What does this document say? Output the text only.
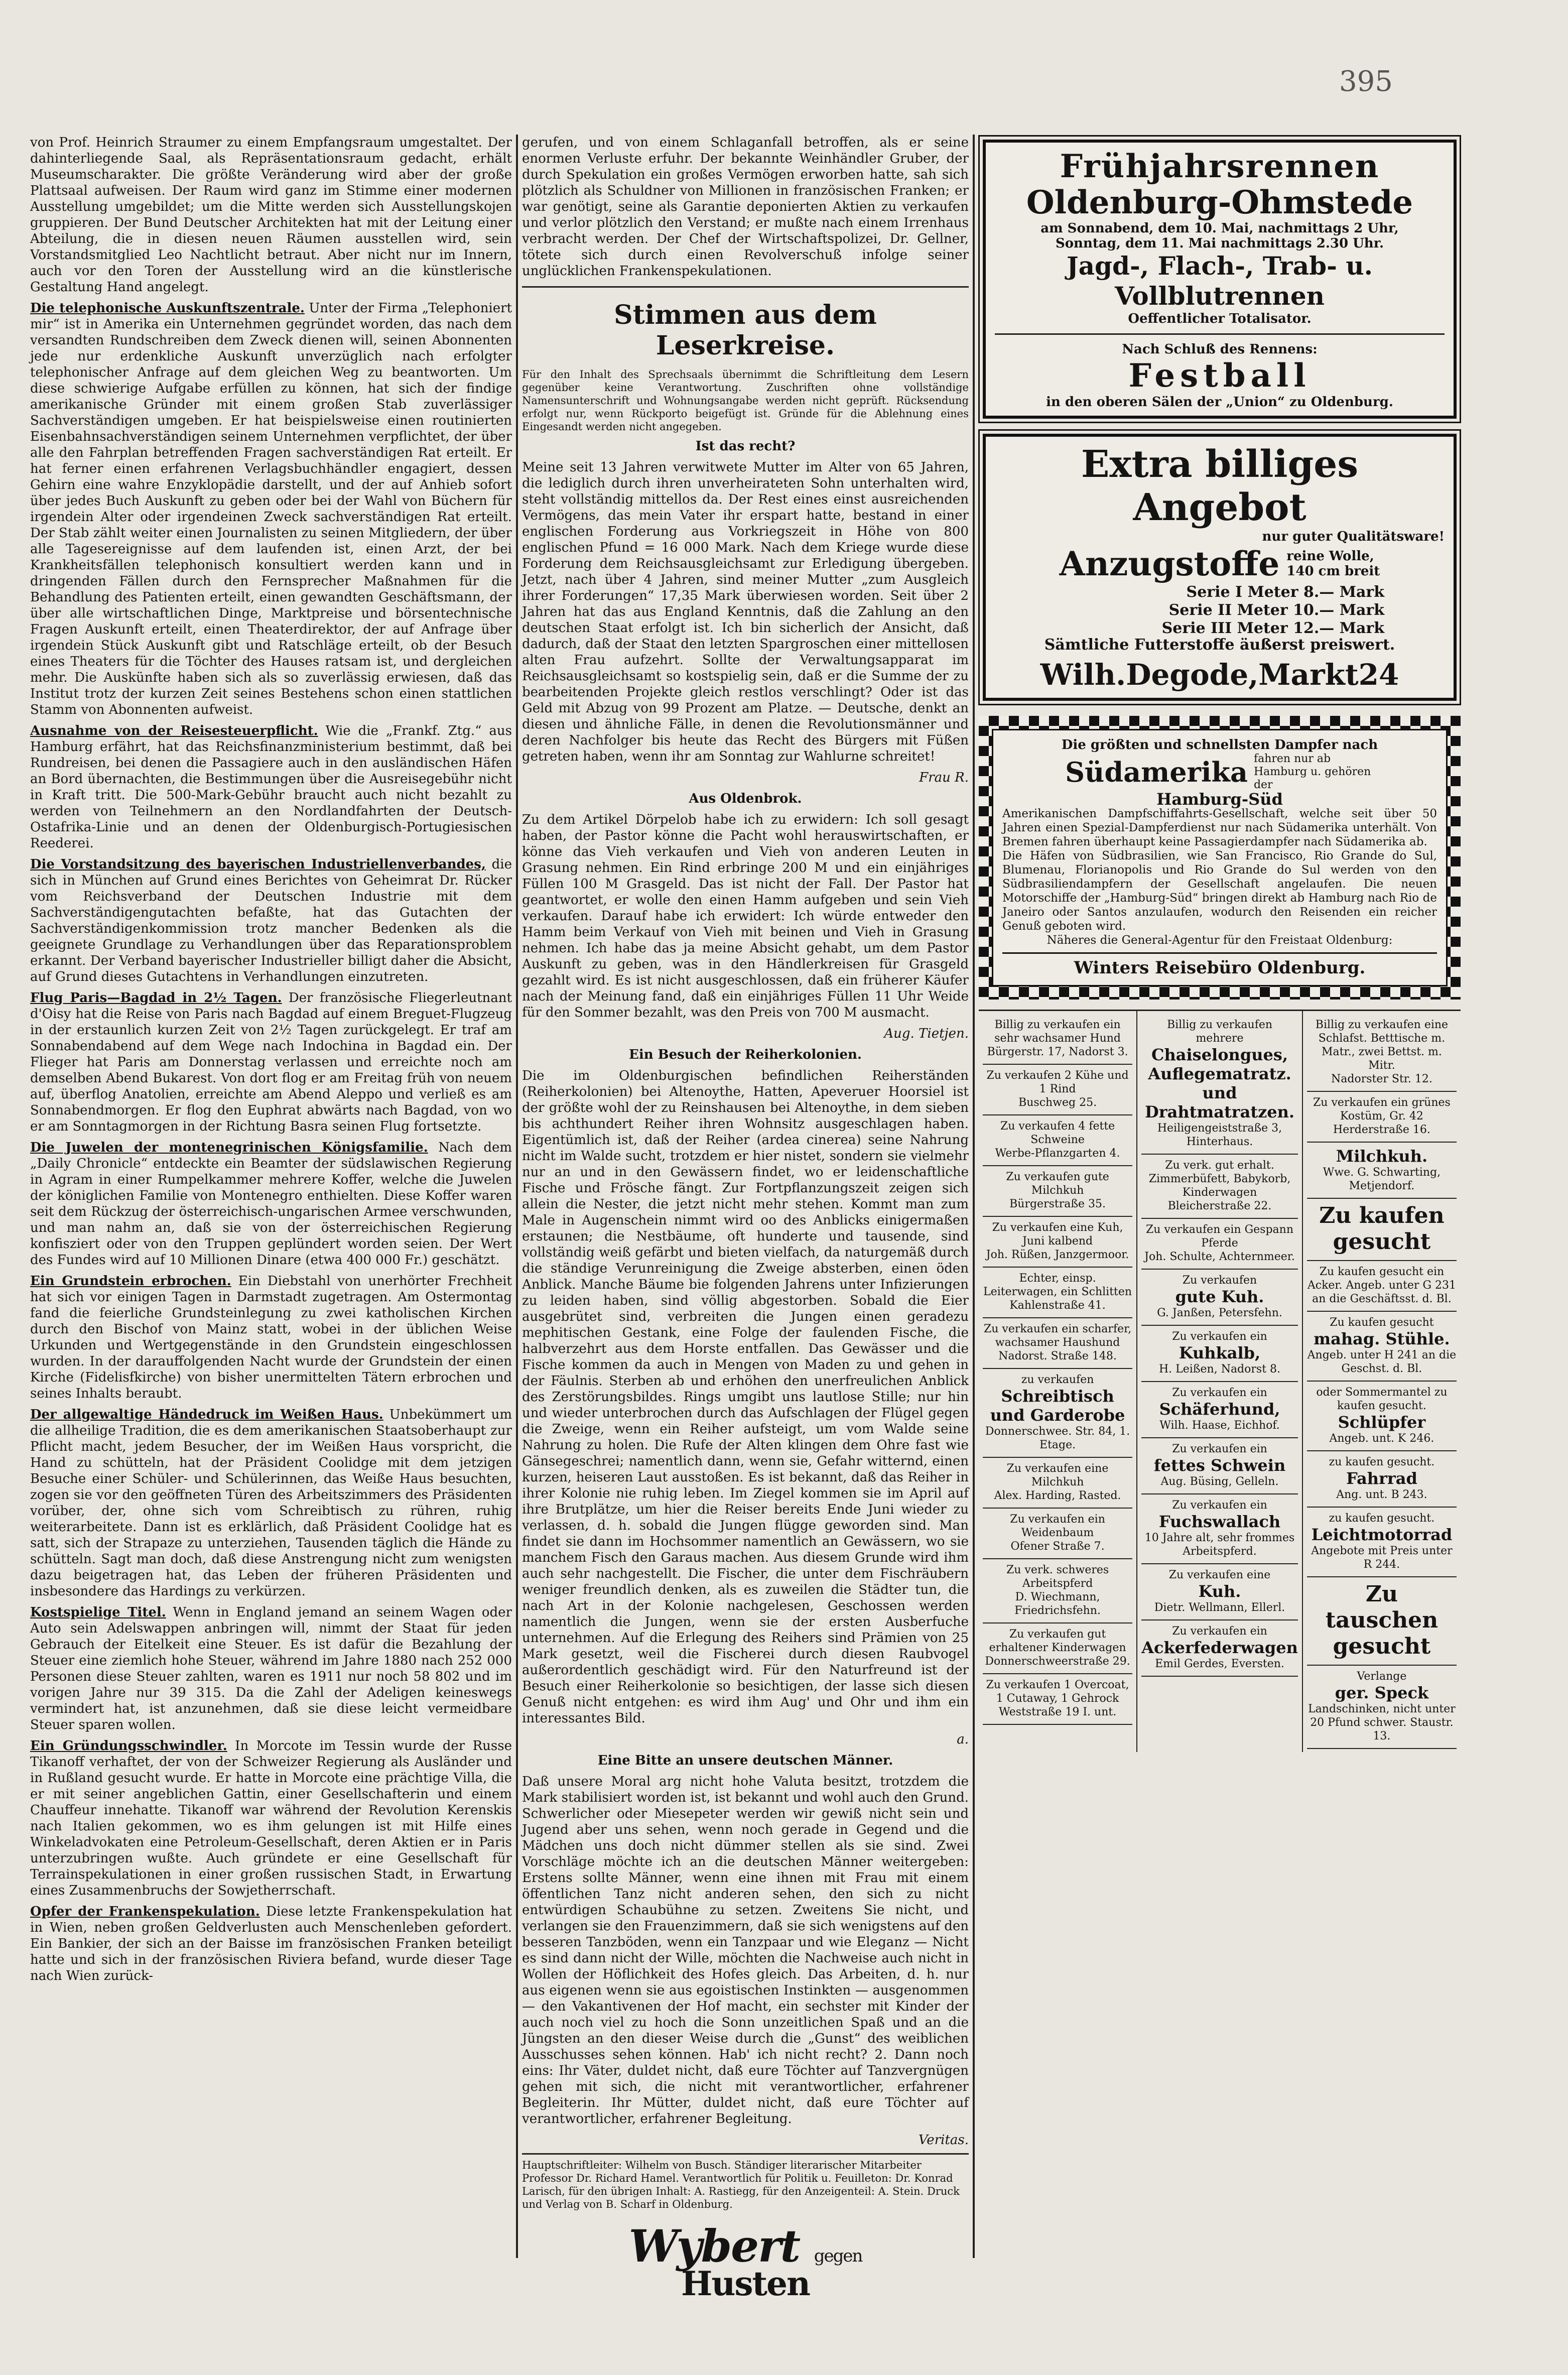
395

von Prof. Heinrich Straumer zu einem Empfangsraum umgestaltet. Der dahinterliegende Saal, als Repräsentationsraum gedacht, erhält Museumscharakter. Die größte Veränderung wird aber der große Plattsaal aufweisen. Der Raum wird ganz im Stimme einer modernen Ausstellung umgebildet; um die Mitte werden sich Ausstellungskojen gruppieren. Der Bund Deutscher Architekten hat mit der Leitung einer Abteilung, die in diesen neuen Räumen ausstellen wird, sein Vorstandsmitglied Leo Nachtlicht betraut. Aber nicht nur im Innern, auch vor den Toren der Ausstellung wird an die künstlerische Gestaltung Hand angelegt.

Die telephonische Auskunftszentrale. Unter der Firma „Telephoniert mir“ ist in Amerika ein Unternehmen gegründet worden, das nach dem versandten Rundschreiben dem Zweck dienen will, seinen Abonnenten jede nur erdenkliche Auskunft unverzüglich nach erfolgter telephonischer Anfrage auf dem gleichen Weg zu beantworten. Um diese schwierige Aufgabe erfüllen zu können, hat sich der findige amerikanische Gründer mit einem großen Stab zuverlässiger Sachverständigen umgeben. Er hat beispielsweise einen routinierten Eisenbahnsachverständigen seinem Unternehmen verpflichtet, der über alle den Fahrplan betreffenden Fragen sachverständigen Rat erteilt. Er hat ferner einen erfahrenen Verlagsbuchhändler engagiert, dessen Gehirn eine wahre Enzyklopädie darstellt, und der auf Anhieb sofort über jedes Buch Auskunft zu geben oder bei der Wahl von Büchern für irgendein Alter oder irgendeinen Zweck sachverständigen Rat erteilt. Der Stab zählt weiter einen Journalisten zu seinen Mitgliedern, der über alle Tagesereignisse auf dem laufenden ist, einen Arzt, der bei Krankheitsfällen telephonisch konsultiert werden kann und in dringenden Fällen durch den Fernsprecher Maßnahmen für die Behandlung des Patienten erteilt, einen gewandten Geschäftsmann, der über alle wirtschaftlichen Dinge, Marktpreise und börsentechnische Fragen Auskunft erteilt, einen Theaterdirektor, der auf Anfrage über irgendein Stück Auskunft gibt und Ratschläge erteilt, ob der Besuch eines Theaters für die Töchter des Hauses ratsam ist, und dergleichen mehr. Die Auskünfte haben sich als so zuverlässig erwiesen, daß das Institut trotz der kurzen Zeit seines Bestehens schon einen stattlichen Stamm von Abonnenten aufweist.

Ausnahme von der Reisesteuerpflicht. Wie die „Frankf. Ztg.“ aus Hamburg erfährt, hat das Reichsfinanzministerium bestimmt, daß bei Rundreisen, bei denen die Passagiere auch in den ausländischen Häfen an Bord übernachten, die Bestimmungen über die Ausreisegebühr nicht in Kraft tritt. Die 500-Mark-Gebühr braucht auch nicht bezahlt zu werden von Teilnehmern an den Nordlandfahrten der Deutsch-Ostafrika-Linie und an denen der Oldenburgisch-Portugiesischen Reederei.

Die Vorstandsitzung des bayerischen Industriellenverbandes, die sich in München auf Grund eines Berichtes von Geheimrat Dr. Rücker vom Reichsverband der Deutschen Industrie mit dem Sachverständigengutachten befaßte, hat das Gutachten der Sachverständigenkommission trotz mancher Bedenken als die geeignete Grundlage zu Verhandlungen über das Reparationsproblem erkannt. Der Verband bayerischer Industrieller billigt daher die Absicht, auf Grund dieses Gutachtens in Verhandlungen einzutreten.

Flug Paris—Bagdad in 2½ Tagen. Der französische Fliegerleutnant d'Oisy hat die Reise von Paris nach Bagdad auf einem Breguet-Flugzeug in der erstaunlich kurzen Zeit von 2½ Tagen zurückgelegt. Er traf am Sonnabendabend auf dem Wege nach Indochina in Bagdad ein. Der Flieger hat Paris am Donnerstag verlassen und erreichte noch am demselben Abend Bukarest. Von dort flog er am Freitag früh von neuem auf, überflog Anatolien, erreichte am Abend Aleppo und verließ es am Sonnabendmorgen. Er flog den Euphrat abwärts nach Bagdad, von wo er am Sonntagmorgen in der Richtung Basra seinen Flug fortsetzte.

Die Juwelen der montenegrinischen Königsfamilie. Nach dem „Daily Chronicle“ entdeckte ein Beamter der südslawischen Regierung in Agram in einer Rumpelkammer mehrere Koffer, welche die Juwelen der königlichen Familie von Montenegro enthielten. Diese Koffer waren seit dem Rückzug der österreichisch-ungarischen Armee verschwunden, und man nahm an, daß sie von der österreichischen Regierung konfisziert oder von den Truppen geplündert worden seien. Der Wert des Fundes wird auf 10 Millionen Dinare (etwa 400 000 Fr.) geschätzt.

Ein Grundstein erbrochen. Ein Diebstahl von unerhörter Frechheit hat sich vor einigen Tagen in Darmstadt zugetragen. Am Ostermontag fand die feierliche Grundsteinlegung zu zwei katholischen Kirchen durch den Bischof von Mainz statt, wobei in der üblichen Weise Urkunden und Wertgegenstände in den Grundstein eingeschlossen wurden. In der darauffolgenden Nacht wurde der Grundstein der einen Kirche (Fidelisfkirche) von bisher unermittelten Tätern erbrochen und seines Inhalts beraubt.

Der allgewaltige Händedruck im Weißen Haus. Unbekümmert um die allheilige Tradition, die es dem amerikanischen Staatsoberhaupt zur Pflicht macht, jedem Besucher, der im Weißen Haus vorspricht, die Hand zu schütteln, hat der Präsident Coolidge mit dem jetzigen Besuche einer Schüler- und Schülerinnen, das Weiße Haus besuchten, zogen sie vor den geöffneten Türen des Arbeitszimmers des Präsidenten vorüber, der, ohne sich vom Schreibtisch zu rühren, ruhig weiterarbeitete. Dann ist es erklärlich, daß Präsident Coolidge hat es satt, sich der Strapaze zu unterziehen, Tausenden täglich die Hände zu schütteln. Sagt man doch, daß diese Anstrengung nicht zum wenigsten dazu beigetragen hat, das Leben der früheren Präsidenten und insbesondere das Hardings zu verkürzen.

Kostspielige Titel. Wenn in England jemand an seinem Wagen oder Auto sein Adelswappen anbringen will, nimmt der Staat für jeden Gebrauch der Eitelkeit eine Steuer. Es ist dafür die Bezahlung der Steuer eine ziemlich hohe Steuer, während im Jahre 1880 nach 252 000 Personen diese Steuer zahlten, waren es 1911 nur noch 58 802 und im vorigen Jahre nur 39 315. Da die Zahl der Adeligen keineswegs vermindert hat, ist anzunehmen, daß sie diese leicht vermeidbare Steuer sparen wollen.

Ein Gründungsschwindler. In Morcote im Tessin wurde der Russe Tikanoff verhaftet, der von der Schweizer Regierung als Ausländer und in Rußland gesucht wurde. Er hatte in Morcote eine prächtige Villa, die er mit seiner angeblichen Gattin, einer Gesellschafterin und einem Chauffeur innehatte. Tikanoff war während der Revolution Kerenskis nach Italien gekommen, wo es ihm gelungen ist mit Hilfe eines Winkeladvokaten eine Petroleum-Gesellschaft, deren Aktien er in Paris unterzubringen wußte. Auch gründete er eine Gesellschaft für Terrainspekulationen in einer großen russischen Stadt, in Erwartung eines Zusammenbruchs der Sowjetherrschaft.

Opfer der Frankenspekulation. Diese letzte Frankenspekulation hat in Wien, neben großen Geldverlusten auch Menschenleben gefordert. Ein Bankier, der sich an der Baisse im französischen Franken beteiligt hatte und sich in der französischen Riviera befand, wurde dieser Tage nach Wien zurück-

gerufen, und von einem Schlaganfall betroffen, als er seine enormen Verluste erfuhr. Der bekannte Weinhändler Gruber, der durch Spekulation ein großes Vermögen erworben hatte, sah sich plötzlich als Schuldner von Millionen in französischen Franken; er war genötigt, seine als Garantie deponierten Aktien zu verkaufen und verlor plötzlich den Verstand; er mußte nach einem Irrenhaus verbracht werden. Der Chef der Wirtschaftspolizei, Dr. Gellner, tötete sich durch einen Revolverschuß infolge seiner unglücklichen Frankenspekulationen.

Stimmen aus dem Leserkreise.

Für den Inhalt des Sprechsaals übernimmt die Schriftleitung dem Lesern gegenüber keine Verantwortung. Zuschriften ohne vollständige Namensunterschrift und Wohnungsangabe werden nicht geprüft. Rücksendung erfolgt nur, wenn Rückporto beigefügt ist. Gründe für die Ablehnung eines Eingesandt werden nicht angegeben.

Ist das recht?

Meine seit 13 Jahren verwitwete Mutter im Alter von 65 Jahren, die lediglich durch ihren unverheirateten Sohn unterhalten wird, steht vollständig mittellos da. Der Rest eines einst ausreichenden Vermögens, das mein Vater ihr erspart hatte, bestand in einer englischen Forderung aus Vorkriegszeit in Höhe von 800 englischen Pfund = 16 000 Mark. Nach dem Kriege wurde diese Forderung dem Reichsausgleichsamt zur Erledigung übergeben. Jetzt, nach über 4 Jahren, sind meiner Mutter „zum Ausgleich ihrer Forderungen“ 17,35 Mark überwiesen worden. Seit über 2 Jahren hat das aus England Kenntnis, daß die Zahlung an den deutschen Staat erfolgt ist. Ich bin sicherlich der Ansicht, daß dadurch, daß der Staat den letzten Spargroschen einer mittellosen alten Frau aufzehrt. Sollte der Verwaltungsapparat im Reichsausgleichsamt so kostspielig sein, daß er die Summe der zu bearbeitenden Projekte gleich restlos verschlingt? Oder ist das Geld mit Abzug von 99 Prozent am Platze. — Deutsche, denkt an diesen und ähnliche Fälle, in denen die Revolutionsmänner und deren Nachfolger bis heute das Recht des Bürgers mit Füßen getreten haben, wenn ihr am Sonntag zur Wahlurne schreitet!

Frau R.

Aus Oldenbrok.

Zu dem Artikel Dörpelob habe ich zu erwidern: Ich soll gesagt haben, der Pastor könne die Pacht wohl herauswirtschaften, er könne das Vieh verkaufen und Vieh von anderen Leuten in Grasung nehmen. Ein Rind erbringe 200 M und ein einjähriges Füllen 100 M Grasgeld. Das ist nicht der Fall. Der Pastor hat geantwortet, er wolle den einen Hamm aufgeben und sein Vieh verkaufen. Darauf habe ich erwidert: Ich würde entweder den Hamm beim Verkauf von Vieh mit beinen und Vieh in Grasung nehmen. Ich habe das ja meine Absicht gehabt, um dem Pastor Auskunft zu geben, was in den Händlerkreisen für Grasgeld gezahlt wird. Es ist nicht ausgeschlossen, daß ein früherer Käufer nach der Meinung fand, daß ein einjähriges Füllen 11 Uhr Weide für den Sommer bezahlt, was den Preis von 700 M ausmacht.

Aug. Tietjen.

Ein Besuch der Reiherkolonien.

Die im Oldenburgischen befindlichen Reiherständen (Reiherkolonien) bei Altenoythe, Hatten, Apeveruer Hoorsiel ist der größte wohl der zu Reinshausen bei Altenoythe, in dem sieben bis achthundert Reiher ihren Wohnsitz ausgeschlagen haben. Eigentümlich ist, daß der Reiher (ardea cinerea) seine Nahrung nicht im Walde sucht, trotzdem er hier nistet, sondern sie vielmehr nur an und in den Gewässern findet, wo er leidenschaftliche Fische und Frösche fängt. Zur Fortpflanzungszeit zeigen sich allein die Nester, die jetzt nicht mehr stehen. Kommt man zum Male in Augenschein nimmt wird oo des Anblicks einigermaßen erstaunen; die Nestbäume, oft hunderte und tausende, sind vollständig weiß gefärbt und bieten vielfach, da naturgemäß durch die ständige Verunreinigung die Zweige absterben, einen öden Anblick. Manche Bäume bie folgenden Jahrens unter Infizierungen zu leiden haben, sind völlig abgestorben. Sobald die Eier ausgebrütet sind, verbreiten die Jungen einen geradezu mephitischen Gestank, eine Folge der faulenden Fische, die halbverzehrt aus dem Horste entfallen. Das Gewässer und die Fische kommen da auch in Mengen von Maden zu und gehen in der Fäulnis. Sterben ab und erhöhen den unerfreulichen Anblick des Zerstörungsbildes. Rings umgibt uns lautlose Stille; nur hin und wieder unterbrochen durch das Aufschlagen der Flügel gegen die Zweige, wenn ein Reiher aufsteigt, um vom Walde seine Nahrung zu holen. Die Rufe der Alten klingen dem Ohre fast wie Gänsegeschrei; namentlich dann, wenn sie, Gefahr witternd, einen kurzen, heiseren Laut ausstoßen. Es ist bekannt, daß das Reiher in ihrer Kolonie nie ruhig leben. Im Ziegel kommen sie im April auf ihre Brutplätze, um hier die Reiser bereits Ende Juni wieder zu verlassen, d. h. sobald die Jungen flügge geworden sind. Man findet sie dann im Hochsommer namentlich an Gewässern, wo sie manchem Fisch den Garaus machen. Aus diesem Grunde wird ihm auch sehr nachgestellt. Die Fischer, die unter dem Fischräubern weniger freundlich denken, als es zuweilen die Städter tun, die nach Art in der Kolonie nachgelesen, Geschossen werden namentlich die Jungen, wenn sie der ersten Ausberfuche unternehmen. Auf die Erlegung des Reihers sind Prämien von 25 Mark gesetzt, weil die Fischerei durch diesen Raubvogel außerordentlich geschädigt wird. Für den Naturfreund ist der Besuch einer Reiherkolonie so besichtigen, der lasse sich diesen Genuß nicht entgehen: es wird ihm Aug' und Ohr und ihm ein interessantes Bild.

a.

Eine Bitte an unsere deutschen Männer.

Daß unsere Moral arg nicht hohe Valuta besitzt, trotzdem die Mark stabilisiert worden ist, ist bekannt und wohl auch den Grund. Schwerlicher oder Miesepeter werden wir gewiß nicht sein und Jugend aber uns sehen, wenn noch gerade in Gegend und die Mädchen uns doch nicht dümmer stellen als sie sind. Zwei Vorschläge möchte ich an die deutschen Männer weitergeben: Erstens sollte Männer, wenn eine ihnen mit Frau mit einem öffentlichen Tanz nicht anderen sehen, den sich zu nicht entwürdigen Schaubühne zu setzen. Zweitens Sie nicht, und verlangen sie den Frauenzimmern, daß sie sich wenigstens auf den besseren Tanzböden, wenn ein Tanzpaar und wie Eleganz — Nicht es sind dann nicht der Wille, möchten die Nachweise auch nicht in Wollen der Höflichkeit des Hofes gleich. Das Arbeiten, d. h. nur aus eigenen wenn sie aus egoistischen Instinkten — ausgenommen — den Vakantivenen der Hof macht, ein sechster mit Kinder der auch noch viel zu hoch die Sonn unzeitlichen Spaß und an die Jüngsten an den dieser Weise durch die „Gunst“ des weiblichen Ausschusses sehen können. Hab' ich nicht recht? 2. Dann noch eins: Ihr Väter, duldet nicht, daß eure Töchter auf Tanzvergnügen gehen mit sich, die nicht mit verantwortlicher, erfahrener Begleiterin. Ihr Mütter, duldet nicht, daß eure Töchter auf verantwortlicher, erfahrener Begleitung.

Veritas.

Hauptschriftleiter: Wilhelm von Busch. Ständiger literarischer Mitarbeiter Professor Dr. Richard Hamel. Verantwortlich für Politik u. Feuilleton: Dr. Konrad Larisch, für den übrigen Inhalt: A. Rastiegg, für den Anzeigenteil: A. Stein. Druck und Verlag von B. Scharf in Oldenburg.
Wybert gegen
Husten
Frühjahrsrennen
Oldenburg-Ohmstede
am Sonnabend, dem 10. Mai, nachmittags 2 Uhr,
Sonntag, dem 11. Mai nachmittags 2.30 Uhr.
Jagd-, Flach-, Trab- u. Vollblutrennen
Oeffentlicher Totalisator.
Nach Schluß des Rennens:
Festball
in den oberen Sälen der „Union“ zu Oldenburg.
Extra billiges Angebot
nur guter Qualitätsware!
Anzugstoffe reine Wolle,
140 cm breit
Serie I Meter 8.— Mark
Serie II Meter 10.— Mark
Serie III Meter 12.— Mark
Sämtliche Futterstoffe äußerst preiswert.
Wilh.Degode,Markt24
Die größten und schnellsten Dampfer nach
Südamerika fahren nur ab Hamburg u. gehören der
Hamburg-Süd
Amerikanischen Dampfschiffahrts-Gesellschaft, welche seit über 50 Jahren einen Spezial-Dampferdienst nur nach Südamerika unterhält. Von Bremen fahren überhaupt keine Passagierdampfer nach Südamerika ab.
Die Häfen von Südbrasilien, wie San Francisco, Rio Grande do Sul, Blumenau, Florianopolis und Rio Grande do Sul werden von den Südbrasiliendampfern der Gesellschaft angelaufen. Die neuen Motorschiffe der „Hamburg-Süd“ bringen direkt ab Hamburg nach Rio de Janeiro oder Santos anzulaufen, wodurch den Reisenden ein reicher Genuß geboten wird.
Näheres die General-Agentur für den Freistaat Oldenburg:
Winters Reisebüro Oldenburg.
Billig zu verkaufen ein sehr wachsamer Hund
Bürgerstr. 17, Nadorst 3.
Zu verkaufen 2 Kühe und 1 Rind
Buschweg 25.
Zu verkaufen 4 fette Schweine
Werbe-Pflanzgarten 4.
Zu verkaufen gute Milchkuh
Bürgerstraße 35.
Zu verkaufen eine Kuh, Juni kalbend
Joh. Rüßen, Janzgermoor.
Echter, einsp. Leiterwagen, ein Schlitten
Kahlenstraße 41.
Zu verkaufen ein scharfer, wachsamer Haushund
Nadorst. Straße 148.
zu verkaufen
Schreibtisch und Garderobe
Donnerschwee. Str. 84, 1. Etage.
Zu verkaufen eine Milchkuh
Alex. Harding, Rasted.
Zu verkaufen ein Weidenbaum
Ofener Straße 7.
Zu verk. schweres Arbeitspferd
D. Wiechmann, Friedrichsfehn.
Zu verkaufen gut erhaltener Kinderwagen
Donnerschweerstraße 29.
Zu verkaufen 1 Overcoat, 1 Cutaway, 1 Gehrock
Weststraße 19 I. unt.
Billig zu verkaufen mehrere
Chaiselongues, Auflegematratz. und Drahtmatratzen.
Heiligengeiststraße 3, Hinterhaus.
Zu verk. gut erhalt. Zimmerbüfett, Babykorb, Kinderwagen
Bleicherstraße 22.
Zu verkaufen ein Gespann Pferde
Joh. Schulte, Achternmeer.
Zu verkaufen
gute Kuh.
G. Janßen, Petersfehn.
Zu verkaufen ein
Kuhkalb,
H. Leißen, Nadorst 8.
Zu verkaufen ein
Schäferhund,
Wilh. Haase, Eichhof.
Zu verkaufen ein
fettes Schwein
Aug. Büsing, Gelleln.
Zu verkaufen ein
Fuchswallach
10 Jahre alt, sehr frommes Arbeitspferd.
Zu verkaufen eine
Kuh.
Dietr. Wellmann, Ellerl.
Zu verkaufen ein
Ackerfederwagen
Emil Gerdes, Eversten.
Billig zu verkaufen eine Schlafst. Betttische m. Matr., zwei Bettst. m. Mitr.
Nadorster Str. 12.
Zu verkaufen ein grünes Kostüm, Gr. 42
Herderstraße 16.
Milchkuh.
Wwe. G. Schwarting, Metjendorf.
Zu kaufen gesucht
Zu kaufen gesucht ein Acker. Angeb. unter G 231
an die Geschäftsst. d. Bl.
Zu kaufen gesucht
mahag. Stühle.
Angeb. unter H 241 an die Geschst. d. Bl.
oder Sommermantel zu kaufen gesucht.
Schlüpfer
Angeb. unt. K 246.
zu kaufen gesucht.
Fahrrad
Ang. unt. B 243.
zu kaufen gesucht.
Leichtmotorrad
Angebote mit Preis unter R 244.
Zu tauschen gesucht
Verlange
ger. Speck
Landschinken, nicht unter 20 Pfund schwer. Staustr. 13.
